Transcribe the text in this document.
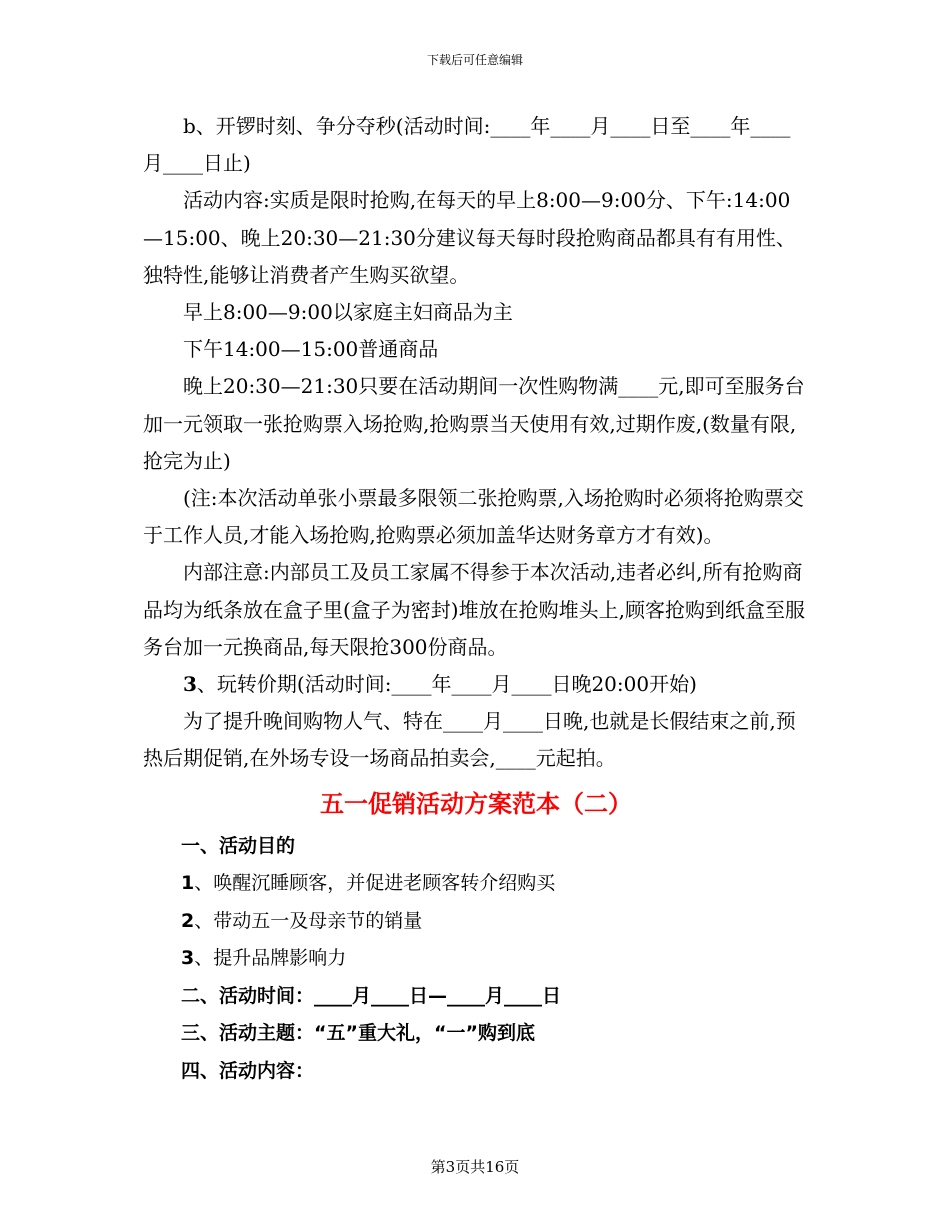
下载后可任意编辑

b、开锣时刻、争分夺秒(活动时间:____年____月____日至____年____月____日止)

活动内容:实质是限时抢购,在每天的早上8:00—9:00分、下午:14:00—15:00、晚上20:30—21:30分建议每天每时段抢购商品都具有有用性、独特性,能够让消费者产生购买欲望。

早上8:00—9:00以家庭主妇商品为主

下午14:00—15:00普通商品

晚上20:30—21:30只要在活动期间一次性购物满____元,即可至服务台加一元领取一张抢购票入场抢购,抢购票当天使用有效,过期作废,(数量有限,抢完为止)

(注:本次活动单张小票最多限领二张抢购票,入场抢购时必须将抢购票交于工作人员,才能入场抢购,抢购票必须加盖华达财务章方才有效)。

内部注意:内部员工及员工家属不得参于本次活动,违者必纠,所有抢购商品均为纸条放在盒子里(盒子为密封)堆放在抢购堆头上,顾客抢购到纸盒至服务台加一元换商品,每天限抢300份商品。

3、玩转价期(活动时间:____年____月____日晚20:00开始)

为了提升晚间购物人气、特在____月____日晚,也就是长假结束之前,预热后期促销,在外场专设一场商品拍卖会,____元起拍。

五一促销活动方案范本（二）

一、活动目的

1、唤醒沉睡顾客，并促进老顾客转介绍购买

2、带动五一及母亲节的销量

3、提升品牌影响力

二、活动时间：____月____日—____月____日

三、活动主题：“五”重大礼，“一”购到底

四、活动内容：

第3页共16页
